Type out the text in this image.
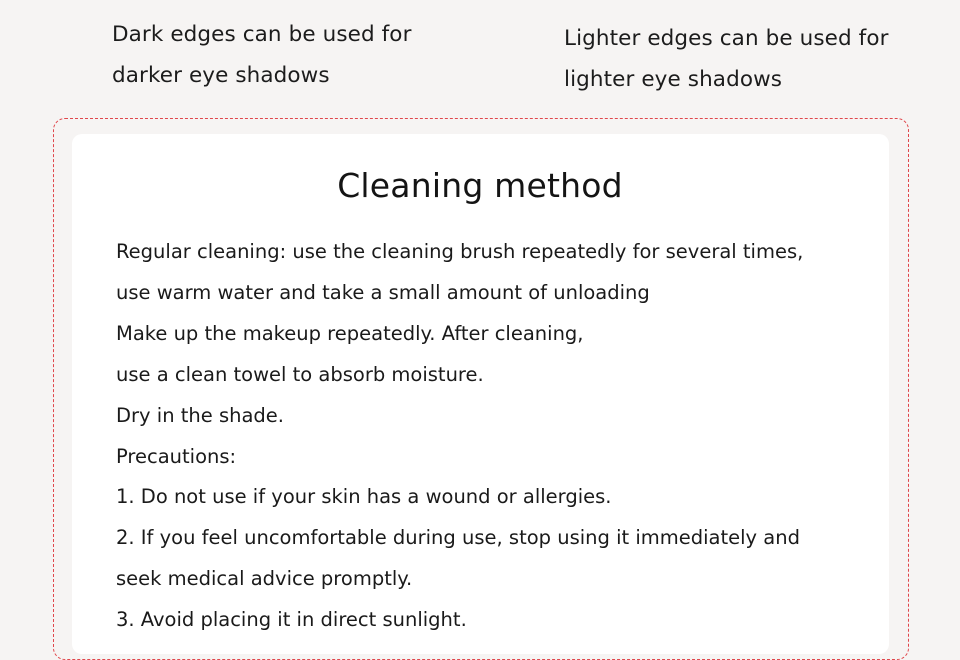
Dark edges can be used for
darker eye shadows
Lighter edges can be used for
lighter eye shadows
Cleaning method
Regular cleaning: use the cleaning brush repeatedly for several times,
use warm water and take a small amount of unloading
Make up the makeup repeatedly. After cleaning,
use a clean towel to absorb moisture.
Dry in the shade.
Precautions:
1. Do not use if your skin has a wound or allergies.
2. If you feel uncomfortable during use, stop using it immediately and
seek medical advice promptly.
3. Avoid placing it in direct sunlight.
